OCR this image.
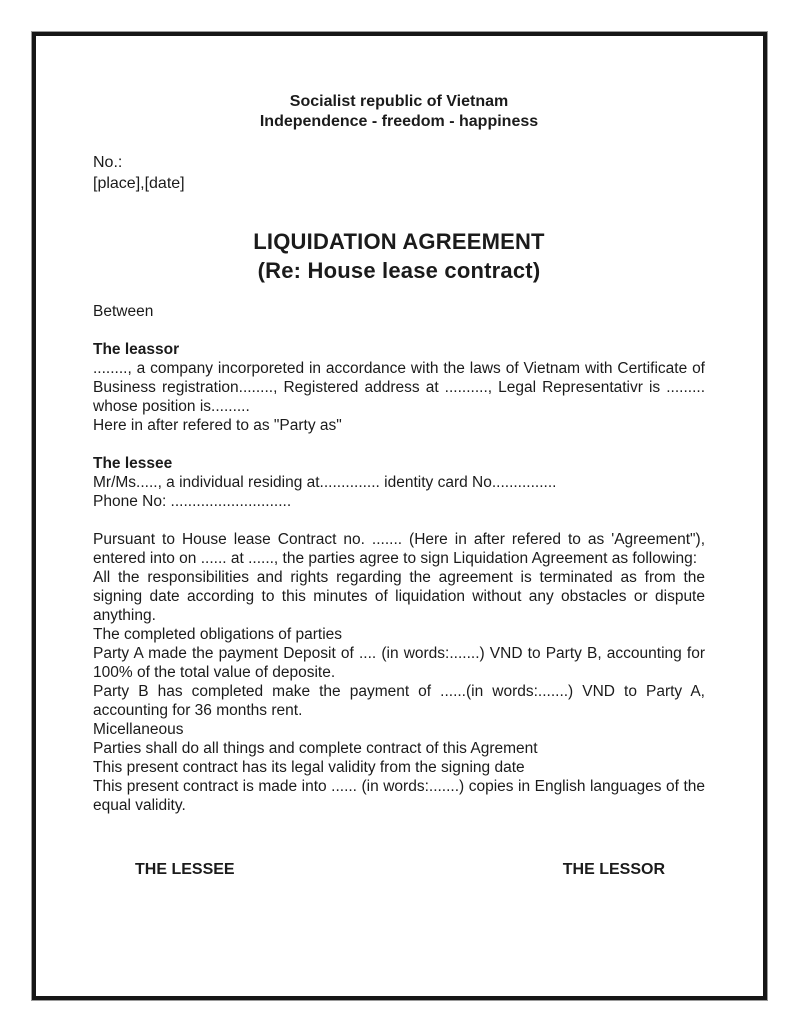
Socialist republic of Vietnam
Independence - freedom - happiness
No.:
[place],[date]
LIQUIDATION AGREEMENT
(Re: House lease contract)
Between

The leassor

........, a company incorporeted in accordance with the laws of Vietnam with Certificate of Business registration........, Registered address at .........., Legal Representativr is ......... whose position is.........

Here in after refered to as "Party as"

The lessee

Mr/Ms....., a individual residing at.............. identity card No...............

Phone No: ............................

Pursuant to House lease Contract no. ....... (Here in after refered to as 'Agreement"), entered into on ...... at ......, the parties agree to sign Liquidation Agreement as following:

All the responsibilities and rights regarding the agreement is terminated as from the signing date according to this minutes of liquidation without any obstacles or dispute anything.

The completed obligations of parties

Party A made the payment Deposit of .... (in words:.......) VND to Party B, accounting for 100% of the total value of deposite.

Party B has completed make the payment of ......(in words:.......) VND to Party A, accounting for 36 months rent.

Micellaneous

Parties shall do all things and complete contract of this Agrement

This present contract has its legal validity from the signing date

This present contract is made into ...... (in words:.......) copies in English languages of the equal validity.

THE LESSEE	THE LESSOR
